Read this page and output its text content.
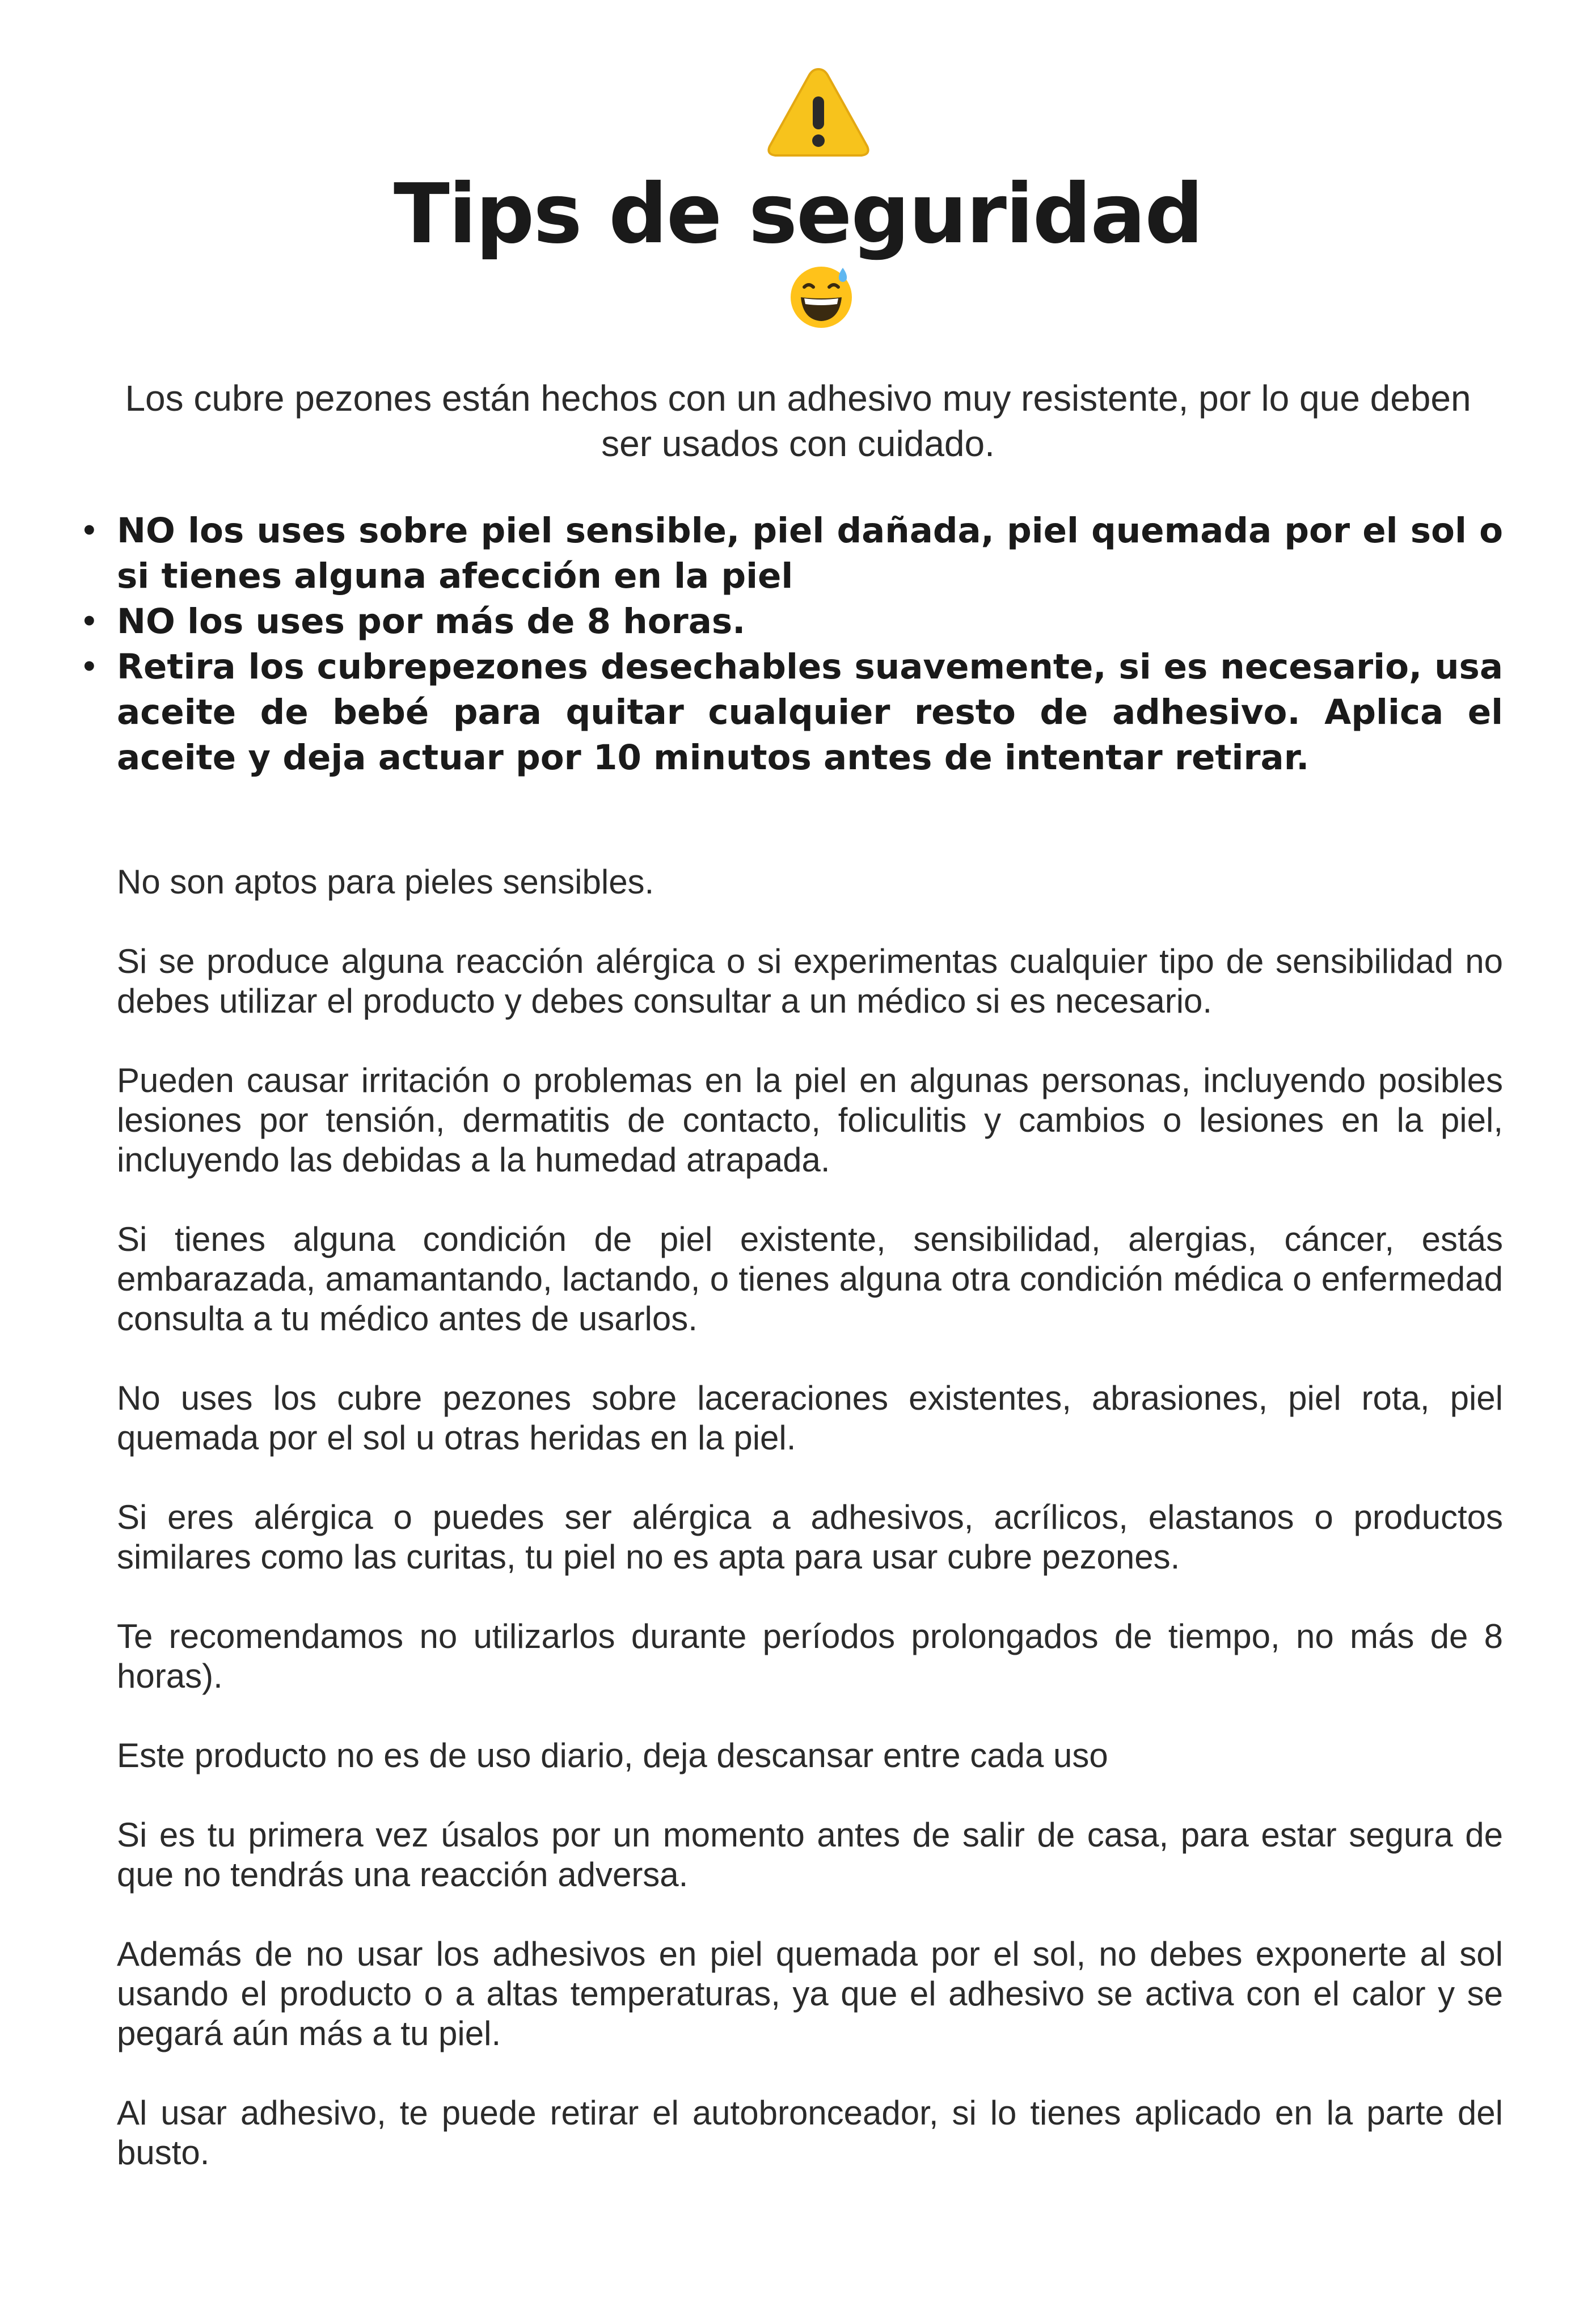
Tips de seguridad

Los cubre pezones están hechos con un adhesivo muy resistente, por lo que deben ser usados con cuidado.

• NO los uses sobre piel sensible, piel dañada, piel quemada por el sol o si tienes alguna afección en la piel
• NO los uses por más de 8 horas.
• Retira los cubrepezones desechables suavemente, si es necesario, usa aceite de bebé para quitar cualquier resto de adhesivo. Aplica el aceite y deja actuar por 10 minutos antes de intentar retirar.

No son aptos para pieles sensibles.

Si se produce alguna reacción alérgica o si experimentas cualquier tipo de sensibilidad no debes utilizar el producto y debes consultar a un médico si es necesario.

Pueden causar irritación o problemas en la piel en algunas personas, incluyendo posibles lesiones por tensión, dermatitis de contacto, foliculitis y cambios o lesiones en la piel, incluyendo las debidas a la humedad atrapada.

Si tienes alguna condición de piel existente, sensibilidad, alergias, cáncer, estás embarazada, amamantando, lactando, o tienes alguna otra condición médica o enfermedad consulta a tu médico antes de usarlos.

No uses los cubre pezones sobre laceraciones existentes, abrasiones, piel rota, piel quemada por el sol u otras heridas en la piel.

Si eres alérgica o puedes ser alérgica a adhesivos, acrílicos, elastanos o productos similares como las curitas, tu piel no es apta para usar cubre pezones.

Te recomendamos no utilizarlos durante períodos prolongados de tiempo, no más de 8 horas).

Este producto no es de uso diario, deja descansar entre cada uso

Si es tu primera vez úsalos por un momento antes de salir de casa, para estar segura de que no tendrás una reacción adversa.

Además de no usar los adhesivos en piel quemada por el sol, no debes exponerte al sol usando el producto o a altas temperaturas, ya que el adhesivo se activa con el calor y se pegará aún más a tu piel.

Al usar adhesivo, te puede retirar el autobronceador, si lo tienes aplicado en la parte del busto.
